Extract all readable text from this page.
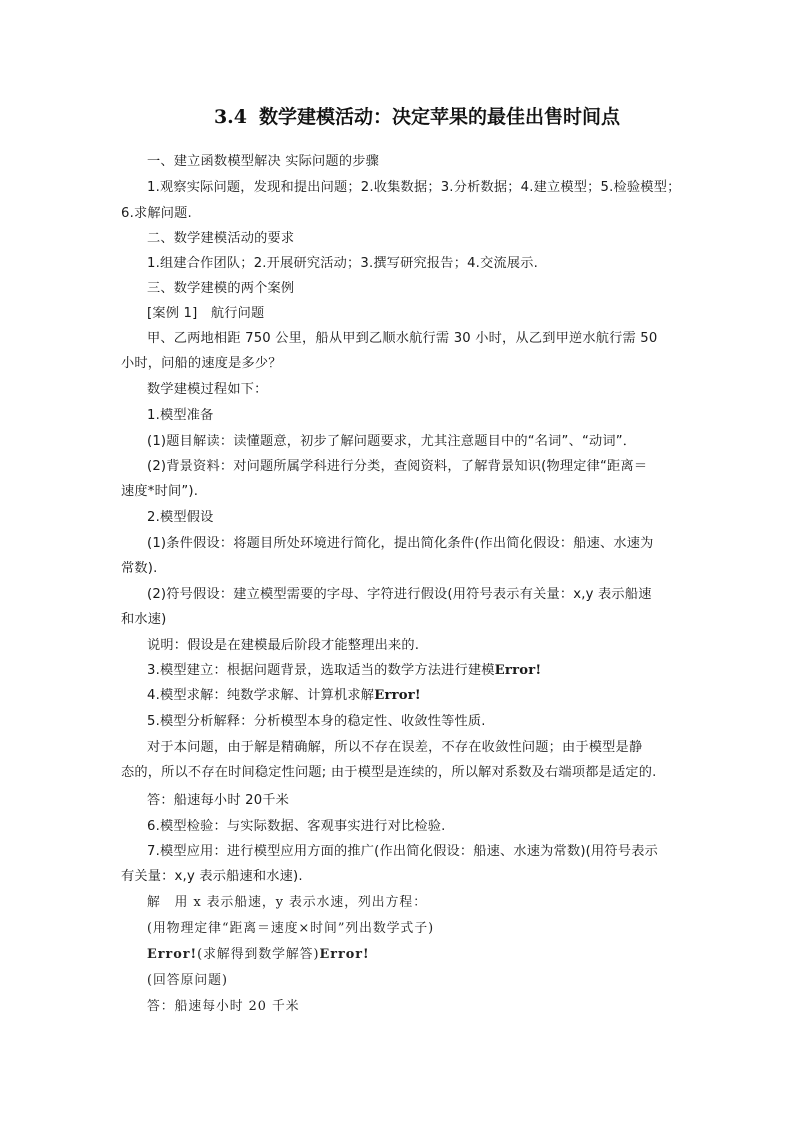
3.4 数学建模活动：决定苹果的最佳出售时间点
一、建立函数模型解决 实际问题的步骤
1.观察实际问题，发现和提出问题；2.收集数据；3.分析数据；4.建立模型；5.检验模型；
6.求解问题.
二、数学建模活动的要求
1.组建合作团队；2.开展研究活动；3.撰写研究报告；4.交流展示.
三、数学建模的两个案例
[案例 1]　航行问题
甲、乙两地相距 750 公里，船从甲到乙顺水航行需 30 小时，从乙到甲逆水航行需 50
小时，问船的速度是多少？
数学建模过程如下：
1.模型准备
(1)题目解读：读懂题意，初步了解问题要求，尤其注意题目中的“名词”、“动词”．
(2)背景资料：对问题所属学科进行分类，查阅资料，了解背景知识(物理定律“距离＝
速度*时间”).
2.模型假设
(1)条件假设：将题目所处环境进行简化，提出简化条件(作出简化假设：船速、水速为
常数).
(2)符号假设：建立模型需要的字母、字符进行假设(用符号表示有关量：x,y 表示船速
和水速)
说明：假设是在建模最后阶段才能整理出来的.
3.模型建立：根据问题背景，选取适当的数学方法进行建模Error!
4.模型求解：纯数学求解、计算机求解Error!
5.模型分析解释：分析模型本身的稳定性、收敛性等性质.
对于本问题，由于解是精确解，所以不存在误差，不存在收敛性问题；由于模型是静
态的，所以不存在时间稳定性问题; 由于模型是连续的，所以解对系数及右端项都是适定的.
答：船速每小时 20千米
6.模型检验：与实际数据、客观事实进行对比检验.
7.模型应用：进行模型应用方面的推广(作出简化假设：船速、水速为常数)(用符号表示
有关量：x,y 表示船速和水速).
解　用 x 表示船速，y 表示水速，列出方程：
(用物理定律“距离＝速度×时间”列出数学式子)
Error!(求解得到数学解答)Error!
(回答原问题)
答：船速每小时 20 千米
